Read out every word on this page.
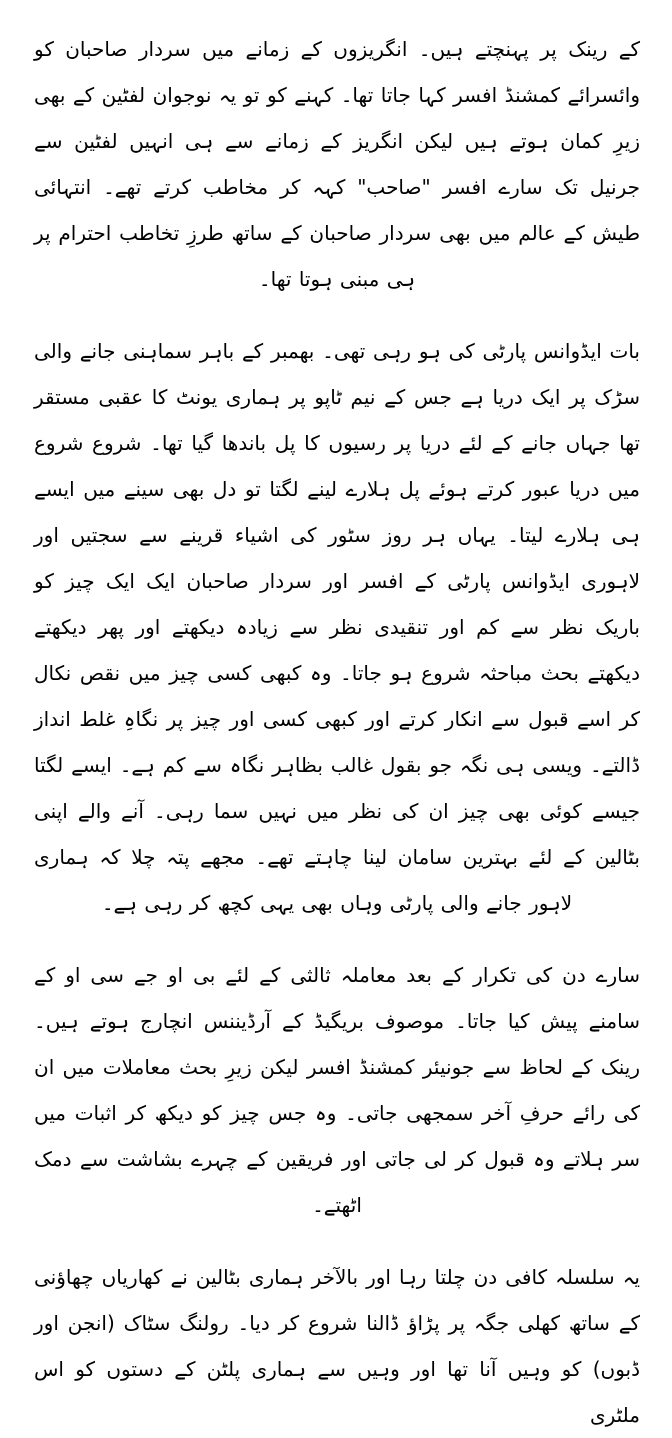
کے رینک پر پہنچتے ہیں۔ انگریزوں کے زمانے میں سردار صاحبان کو وائسرائے کمشنڈ افسر کہا جاتا تھا۔ کہنے کو تو یہ نوجوان لفٹین کے بھی زیرِ کمان ہوتے ہیں لیکن انگریز کے زمانے سے ہی انہیں لفٹین سے جرنیل تک سارے افسر "صاحب" کہہ کر مخاطب کرتے تھے۔ انتہائی طیش کے عالم میں بھی سردار صاحبان کے ساتھ طرزِ تخاطب احترام پر ہی مبنی ہوتا تھا۔

بات ایڈوانس پارٹی کی ہو رہی تھی۔ بھمبر کے باہر سماہنی جانے والی سڑک پر ایک دریا ہے جس کے نیم ٹاپو پر ہماری یونٹ کا عقبی مستقر تھا جہاں جانے کے لئے دریا پر رسیوں کا پل باندھا گیا تھا۔ شروع شروع میں دریا عبور کرتے ہوئے پل ہلارے لینے لگتا تو دل بھی سینے میں ایسے ہی ہلارے لیتا۔ یہاں ہر روز سٹور کی اشیاء قرینے سے سجتیں اور لاہوری ایڈوانس پارٹی کے افسر اور سردار صاحبان ایک ایک چیز کو باریک نظر سے کم اور تنقیدی نظر سے زیادہ دیکھتے اور پھر دیکھتے دیکھتے بحث مباحثہ شروع ہو جاتا۔ وہ کبھی کسی چیز میں نقص نکال کر اسے قبول سے انکار کرتے اور کبھی کسی اور چیز پر نگاہِ غلط انداز ڈالتے۔ ویسی ہی نگہ جو بقول غالب بظاہر نگاہ سے کم ہے۔ ایسے لگتا جیسے کوئی بھی چیز ان کی نظر میں نہیں سما رہی۔ آنے والے اپنی بٹالین کے لئے بہترین سامان لینا چاہتے تھے۔ مجھے پتہ چلا کہ ہماری لاہور جانے والی پارٹی وہاں بھی یہی کچھ کر رہی ہے۔

سارے دن کی تکرار کے بعد معاملہ ثالثی کے لئے بی او جے سی او کے سامنے پیش کیا جاتا۔ موصوف بریگیڈ کے آرڈیننس انچارج ہوتے ہیں۔ رینک کے لحاظ سے جونیئر کمشنڈ افسر لیکن زیرِ بحث معاملات میں ان کی رائے حرفِ آخر سمجھی جاتی۔ وہ جس چیز کو دیکھ کر اثبات میں سر ہلاتے وہ قبول کر لی جاتی اور فریقین کے چہرے بشاشت سے دمک اٹھتے۔

یہ سلسلہ کافی دن چلتا رہا اور بالآخر ہماری بٹالین نے کھاریاں چھاؤنی کے ساتھ کھلی جگہ پر پڑاؤ ڈالنا شروع کر دیا۔ رولنگ سٹاک (انجن اور ڈبوں) کو وہیں آنا تھا اور وہیں سے ہماری پلٹن کے دستوں کو اس ملٹری
